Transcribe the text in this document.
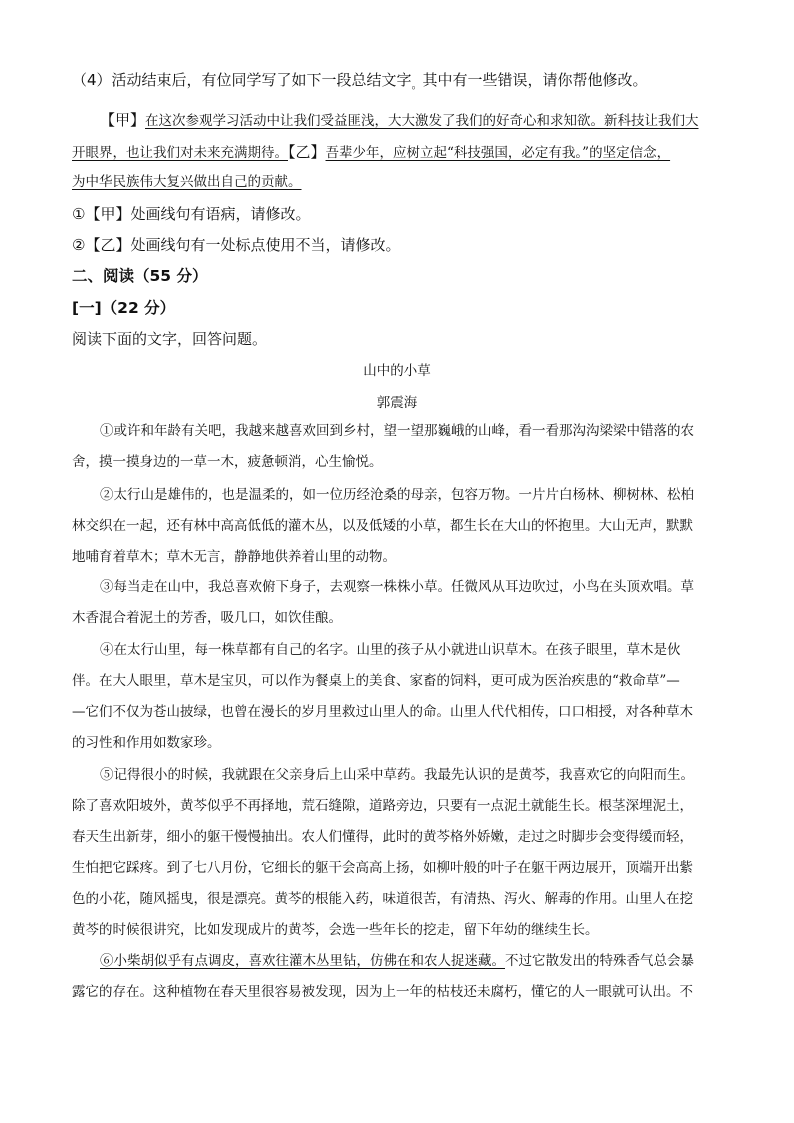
（4）活动结束后，有位同学写了如下一段总结文字$_。$其中有一些错误，请你帮他修改。

【甲】在这次参观学习活动中让我们受益匪浅，大大激发了我们的好奇心和求知欲。新科技让我们大

开眼界，也让我们对未来充满期待。【乙】吾辈少年，应树立起“科技强国，必定有我。”的坚定信念，

为中华民族伟大复兴做出自己的贡献。

①【甲】处画线句有语病，请修改。

②【乙】处画线句有一处标点使用不当，请修改。

二、阅读（55 分）

[一]（22 分）

阅读下面的文字，回答问题。

山中的小草

郭震海

①或许和年龄有关吧，我越来越喜欢回到乡村，望一望那巍峨的山峰，看一看那沟沟梁梁中错落的农

舍，摸一摸身边的一草一木，疲惫顿消，心生愉悦。

②太行山是雄伟的，也是温柔的，如一位历经沧桑的母亲，包容万物。一片片白杨林、柳树林、松柏

林交织在一起，还有林中高高低低的灌木丛，以及低矮的小草，都生长在大山的怀抱里。大山无声，默默

地哺育着草木；草木无言，静静地供养着山里的动物。

③每当走在山中，我总喜欢俯下身子，去观察一株株小草。任微风从耳边吹过，小鸟在头顶欢唱。草

木香混合着泥土的芳香，吸几口，如饮佳酿。

④在太行山里，每一株草都有自己的名字。山里的孩子从小就进山识草木。在孩子眼里，草木是伙

伴。在大人眼里，草木是宝贝，可以作为餐桌上的美食、家畜的饲料，更可成为医治疾患的“救命草”—

—它们不仅为苍山披绿，也曾在漫长的岁月里救过山里人的命。山里人代代相传，口口相授，对各种草木

的习性和作用如数家珍。

⑤记得很小的时候，我就跟在父亲身后上山采中草药。我最先认识的是黄芩，我喜欢它的向阳而生。

除了喜欢阳坡外，黄芩似乎不再择地，荒石缝隙，道路旁边，只要有一点泥土就能生长。根茎深埋泥土，

春天生出新芽，细小的躯干慢慢抽出。农人们懂得，此时的黄芩格外娇嫩，走过之时脚步会变得缓而轻，

生怕把它踩疼。到了七八月份，它细长的躯干会高高上扬，如柳叶般的叶子在躯干两边展开，顶端开出紫

色的小花，随风摇曳，很是漂亮。黄芩的根能入药，味道很苦，有清热、泻火、解毒的作用。山里人在挖

黄芩的时候很讲究，比如发现成片的黄芩，会选一些年长的挖走，留下年幼的继续生长。

⑥小柴胡似乎有点调皮，喜欢往灌木丛里钻，仿佛在和农人捉迷藏。不过它散发出的特殊香气总会暴

露它的存在。这种植物在春天里很容易被发现，因为上一年的枯枝还未腐朽，懂它的人一眼就可认出。不
